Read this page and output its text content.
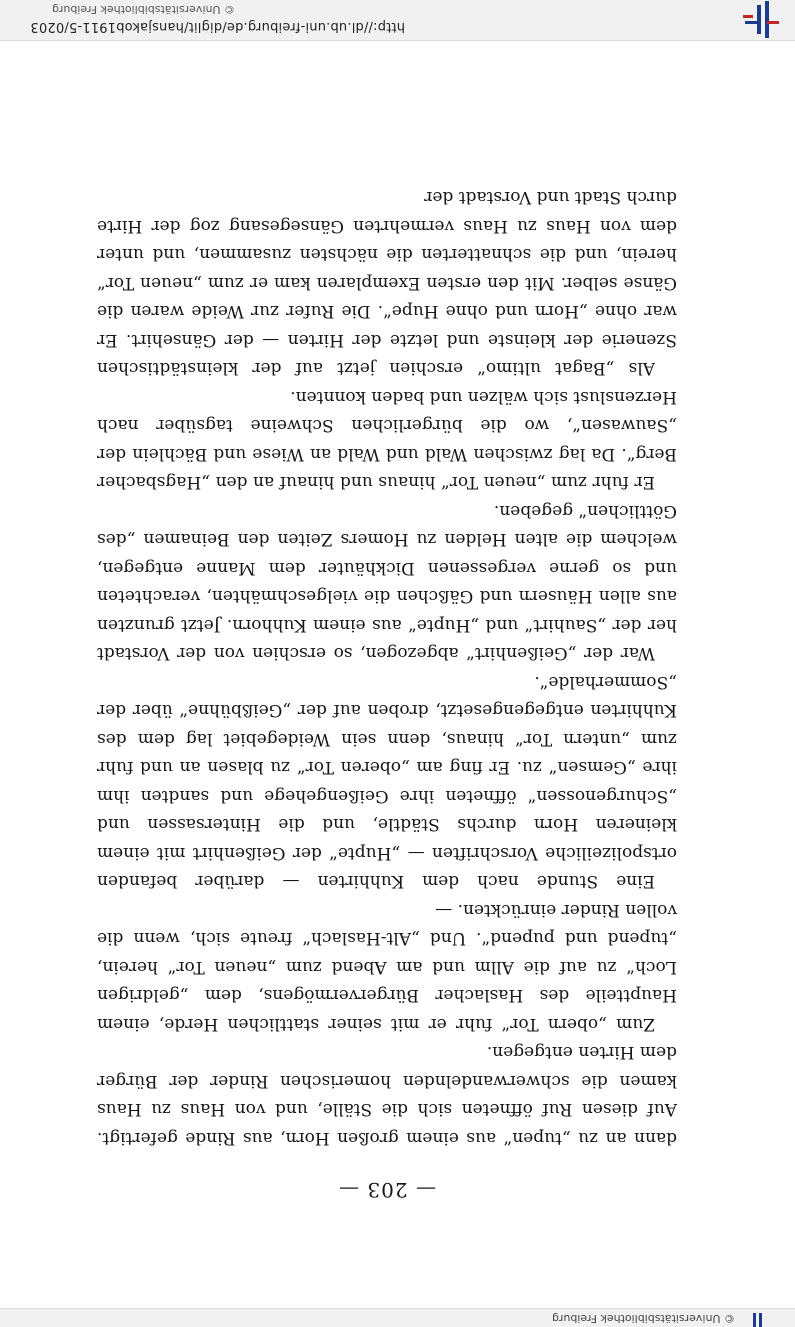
© Universitätsbibliothek Freiburg
— 203 —

dann an zu „tupen“ aus einem großen Horn, aus Rinde gefertigt. Auf diesen Ruf öffneten sich die Ställe, und von Haus zu Haus kamen die schwerwandelnden homerischen Rinder der Bürger dem Hirten entgegen.

Zum „obern Tor“ fuhr er mit seiner stattlichen Herde, einem Hauptteile des Haslacher Bürgervermögens, dem „geldrigen Loch“ zu auf die Allm und am Abend zum „neuen Tor“ herein, „tupend und pupend“. Und „Alt-Haslach“ freute sich, wenn die vollen Rinder einrückten. —

Eine Stunde nach dem Kuhhirten — darüber befanden ortspolizeiliche Vorschriften — „Hupte“ der Geißenhirt mit einem kleineren Horn durchs Städtle, und die Hintersassen und „Schurgenossen“ öffneten ihre Geißengehege und sandten ihm ihre „Gemsen“ zu. Er fing am „oberen Tor“ zu blasen an und fuhr zum „untern Tor“ hinaus, denn sein Weidegebiet lag dem des Kuhhirten entgegengesetzt, droben auf der „Geißbühne“ über der „Sommerhalde“.

War der „Geißenhirt“ abgezogen, so erschien von der Vorstadt her der „Sauhirt“ und „Hupte“ aus einem Kuhhorn. Jetzt grunzten aus allen Häusern und Gäßchen die vielgeschmähten, verachteten und so gerne vergessenen Dickhäuter dem Manne entgegen, welchem die alten Helden zu Homers Zeiten den Beinamen „des Göttlichen“ gegeben.

Er fuhr zum „neuen Tor“ hinaus und hinauf an den „Hagsbacher Berg“. Da lag zwischen Wald und Wald an Wiese und Bächlein der „Sauwasen“, wo die bürgerlichen Schweine tagsüber nach Herzenslust sich wälzen und baden konnten.

Als „Bagat ultimo“ erschien jetzt auf der kleinstädtischen Szenerie der kleinste und letzte der Hirten — der Gänsehirt. Er war ohne „Horn und ohne Hupe“. Die Rufer zur Weide waren die Gänse selber. Mit den ersten Exemplaren kam er zum „neuen Tor“ herein, und die schnatterten die nächsten zusammen, und unter dem von Haus zu Haus vermehrten Gänsegesang zog der Hirte durch Stadt und Vorstadt der

http://dl.ub.uni-freiburg.de/diglit/hansjakob1911-5/0203
© Universitätsbibliothek Freiburg
